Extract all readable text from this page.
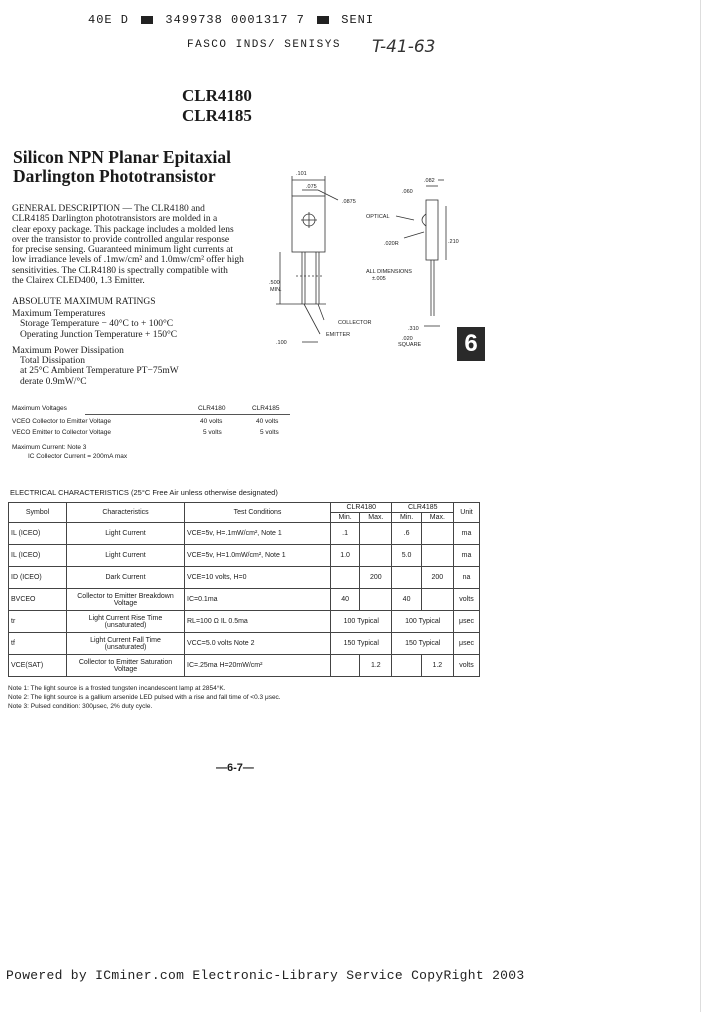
40E D	3499738 0001317 7	SENI
FASCO INDS/ SENISYS T-41-63
CLR4180
CLR4185
Silicon NPN Planar Epitaxial
Darlington Phototransistor
GENERAL DESCRIPTION — The CLR4180 and
CLR4185 Darlington phototransistors are molded in a
clear epoxy package. This package includes a molded lens
over the transistor to provide controlled angular response
for precise sensing. Guaranteed minimum light currents at
low irradiance levels of .1mw/cm² and 1.0mw/cm² offer high
sensitivities. The CLR4180 is spectrally compatible with
the Clairex CLED400, 1.3 Emitter.
ABSOLUTE MAXIMUM RATINGS
Maximum Temperatures
Storage Temperature − 40°C to + 100°C
Operating Junction Temperature + 150°C
Maximum Power Dissipation
Total Dissipation
at 25°C Ambient Temperature PT−75mW
derate 0.9mW/°C
Maximum Voltages	CLR4180	CLR4185
VCEO Collector to Emitter Voltage	40 volts	40 volts
VECO Emitter to Collector Voltage	5 volts	5 volts
Maximum Current: Note 3
IC Collector Current = 200mA max
.101
.075
.0875
.060
.082
OPTICAL
.020R	.210
ALL DIMENSIONS
±.005
.500
MIN.
COLLECTOR
EMITTER
.100
.310
.020
SQUARE	6
ELECTRICAL CHARACTERISTICS (25°C Free Air unless otherwise designated)
Symbol	Characteristics	Test Conditions	CLR4180		CLR4185		Unit
			Min.	Max.	Min.	Max.	
IL (ICEO)	Light Current	VCE=5v, H=.1mW/cm², Note 1	.1		.6		ma
IL (ICEO)	Light Current	VCE=5v, H=1.0mW/cm², Note 1	1.0		5.0		ma
ID (ICEO)	Dark Current	VCE=10 volts, H=0		200		200	na
BVCEO	Collector to Emitter Breakdown Voltage	IC=0.1ma	40		40		volts
tr	Light Current Rise Time (unsaturated)	RL=100 Ω IL 0.5ma	100 Typical		100 Typical		μsec
tf	Light Current Fall Time (unsaturated)	VCC=5.0 volts Note 2	150 Typical		150 Typical		μsec
VCE(SAT)	Collector to Emitter Saturation Voltage	IC=.25ma H=20mW/cm²		1.2		1.2	volts
Note 1: The light source is a frosted tungsten incandescent lamp at 2854°K.
Note 2: The light source is a gallium arsenide LED pulsed with a rise and fall time of <0.3 μsec.
Note 3: Pulsed condition: 300μsec, 2% duty cycle.
—6-7—
Powered by ICminer.com Electronic-Library Service CopyRight 2003
